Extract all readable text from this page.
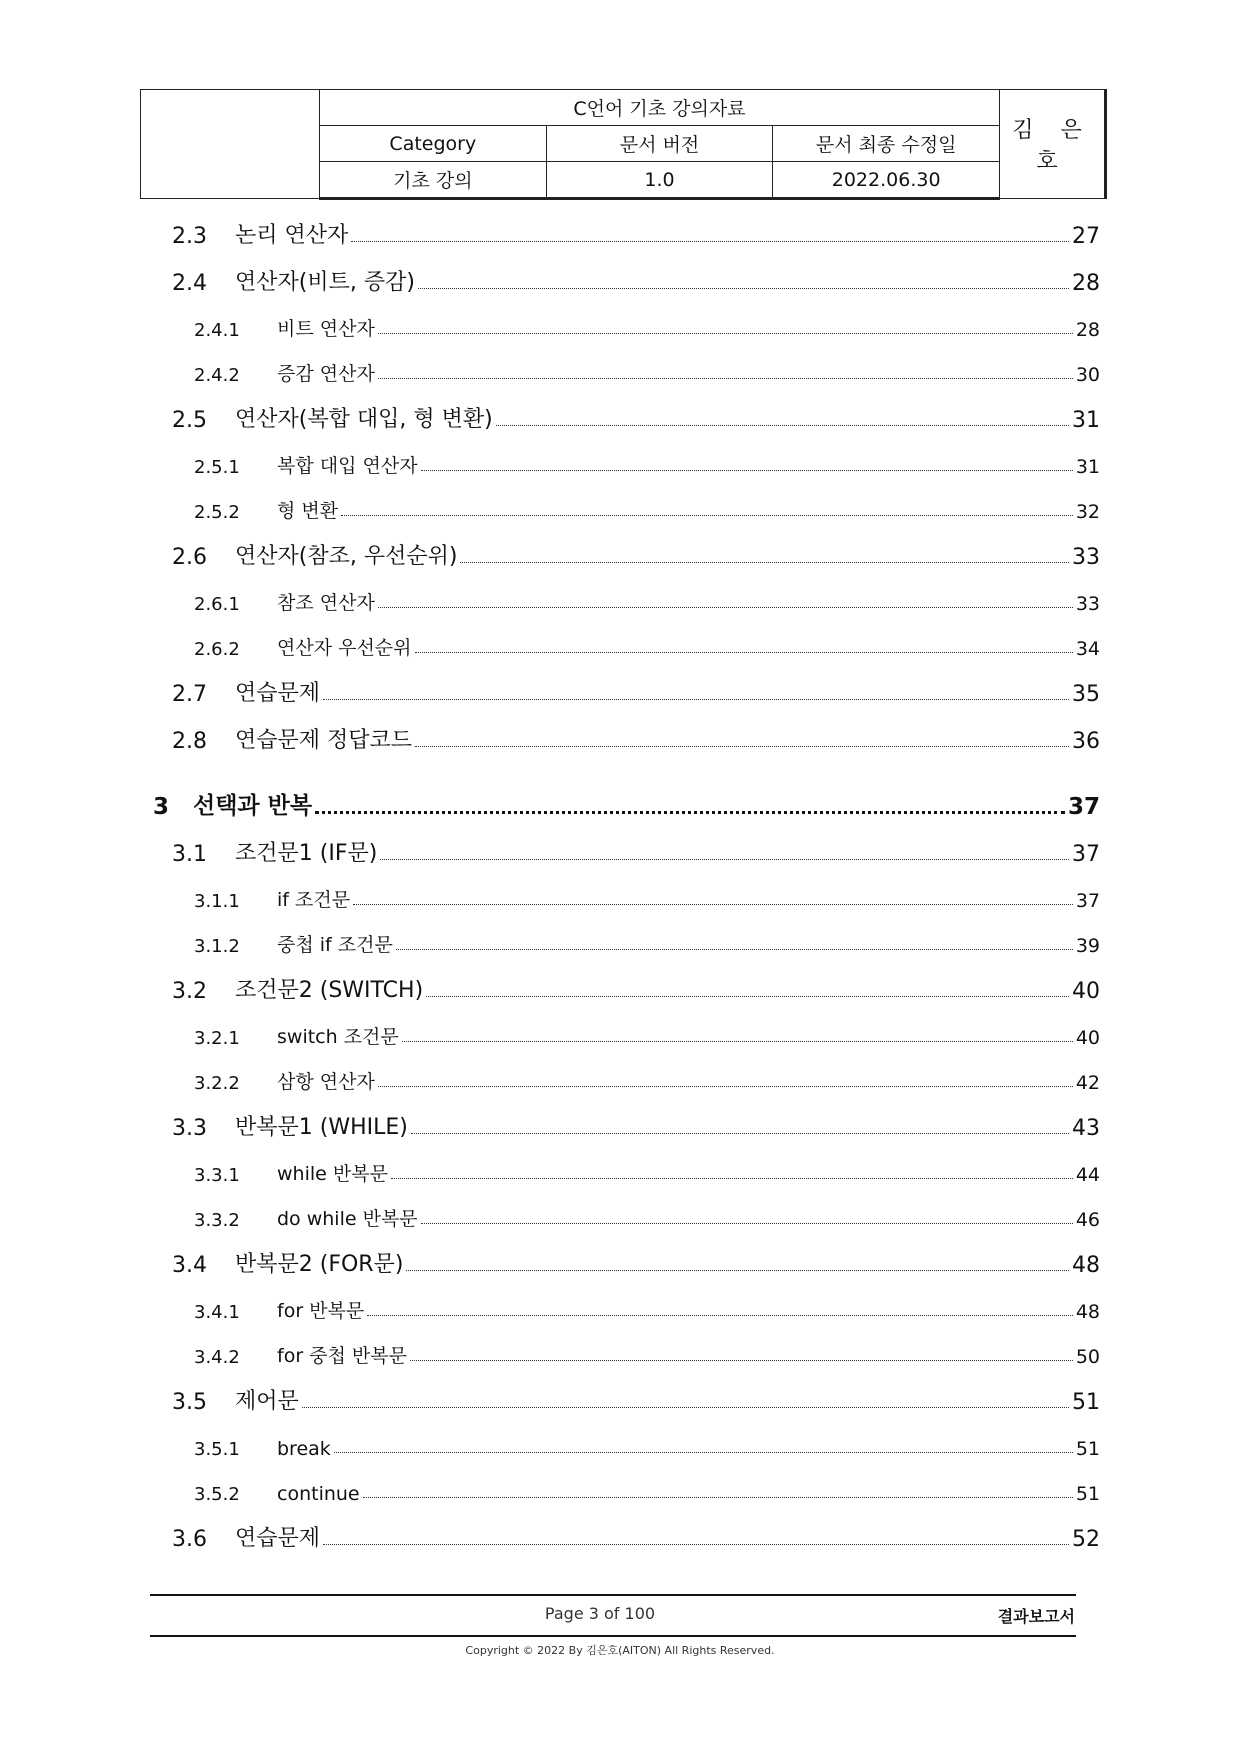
	C언어 기초 강의자료			김 은 호
	Category	문서 버전	문서 최종 수정일	
	기초 강의	1.0	2022.06.30	
2.3	논리 연산자	27
2.4	연산자(비트, 증감)	28
2.4.1	비트 연산자	28
2.4.2	증감 연산자	30
2.5	연산자(복합 대입, 형 변환)	31
2.5.1	복합 대입 연산자	31
2.5.2	형 변환	32
2.6	연산자(참조, 우선순위)	33
2.6.1	참조 연산자	33
2.6.2	연산자 우선순위	34
2.7	연습문제	35
2.8	연습문제 정답코드	36
3	선택과 반복	37
3.1	조건문1 (IF문)	37
3.1.1	if 조건문	37
3.1.2	중첩 if 조건문	39
3.2	조건문2 (SWITCH)	40
3.2.1	switch 조건문	40
3.2.2	삼항 연산자	42
3.3	반복문1 (WHILE)	43
3.3.1	while 반복문	44
3.3.2	do while 반복문	46
3.4	반복문2 (FOR문)	48
3.4.1	for 반복문	48
3.4.2	for 중첩 반복문	50
3.5	제어문	51
3.5.1	break	51
3.5.2	continue	51
3.6	연습문제	52
Page 3 of 100	결과보고서
Copyright © 2022 By 김은호(AITON) All Rights Reserved.
